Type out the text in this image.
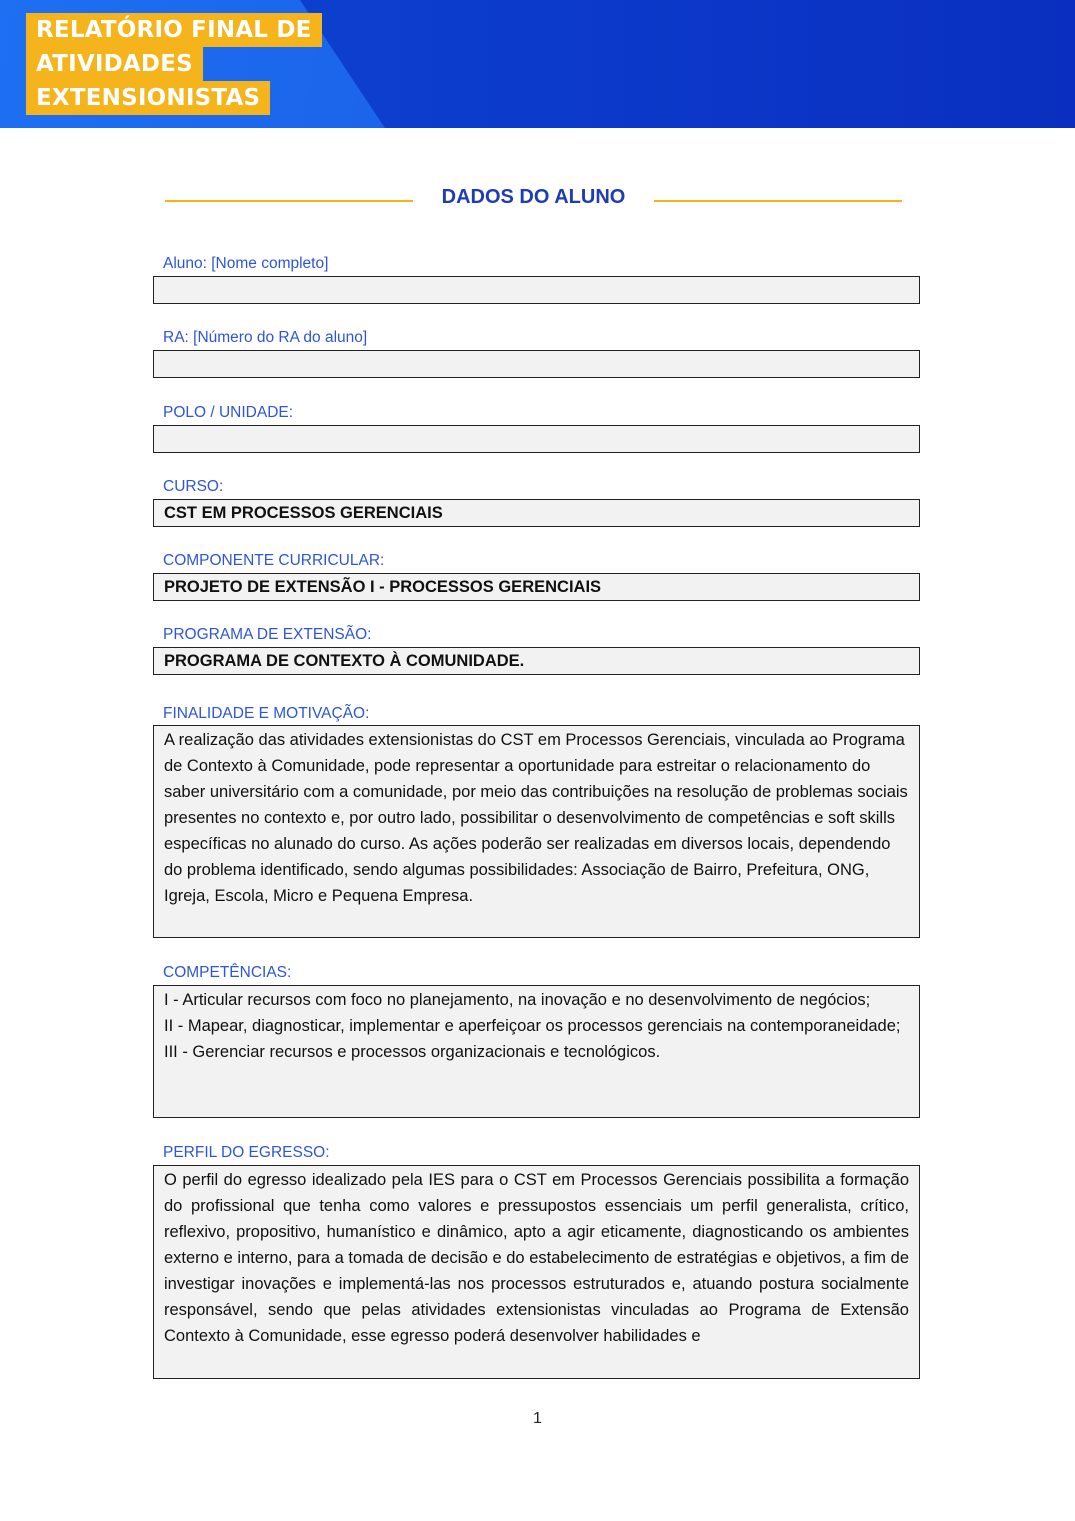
RELATÓRIO FINAL DE
ATIVIDADES
EXTENSIONISTAS
DADOS DO ALUNO
Aluno: [Nome completo]
RA: [Número do RA do aluno]
POLO / UNIDADE:
CURSO:
CST EM PROCESSOS GERENCIAIS
COMPONENTE CURRICULAR:
PROJETO DE EXTENSÃO I - PROCESSOS GERENCIAIS
PROGRAMA DE EXTENSÃO:
PROGRAMA DE CONTEXTO À COMUNIDADE.
FINALIDADE E MOTIVAÇÃO:
A realização das atividades extensionistas do CST em Processos Gerenciais, vinculada ao Programa de Contexto à Comunidade, pode representar a oportunidade para estreitar o relacionamento do saber universitário com a comunidade, por meio das contribuições na resolução de problemas sociais presentes no contexto e, por outro lado, possibilitar o desenvolvimento de competências e soft skills específicas no alunado do curso. As ações poderão ser realizadas em diversos locais, dependendo do problema identificado, sendo algumas possibilidades: Associação de Bairro, Prefeitura, ONG, Igreja, Escola, Micro e Pequena Empresa.
COMPETÊNCIAS:
I - Articular recursos com foco no planejamento, na inovação e no desenvolvimento de negócios;
II - Mapear, diagnosticar, implementar e aperfeiçoar os processos gerenciais na contemporaneidade;
III - Gerenciar recursos e processos organizacionais e tecnológicos.
PERFIL DO EGRESSO:
O perfil do egresso idealizado pela IES para o CST em Processos Gerenciais possibilita a formação do profissional que tenha como valores e pressupostos essenciais um perfil generalista, crítico, reflexivo, propositivo, humanístico e dinâmico, apto a agir eticamente, diagnosticando os ambientes externo e interno, para a tomada de decisão e do estabelecimento de estratégias e objetivos, a fim de investigar inovações e implementá-las nos processos estruturados e, atuando postura socialmente responsável, sendo que pelas atividades extensionistas vinculadas ao Programa de Extensão Contexto à Comunidade, esse egresso poderá desenvolver habilidades e
1
